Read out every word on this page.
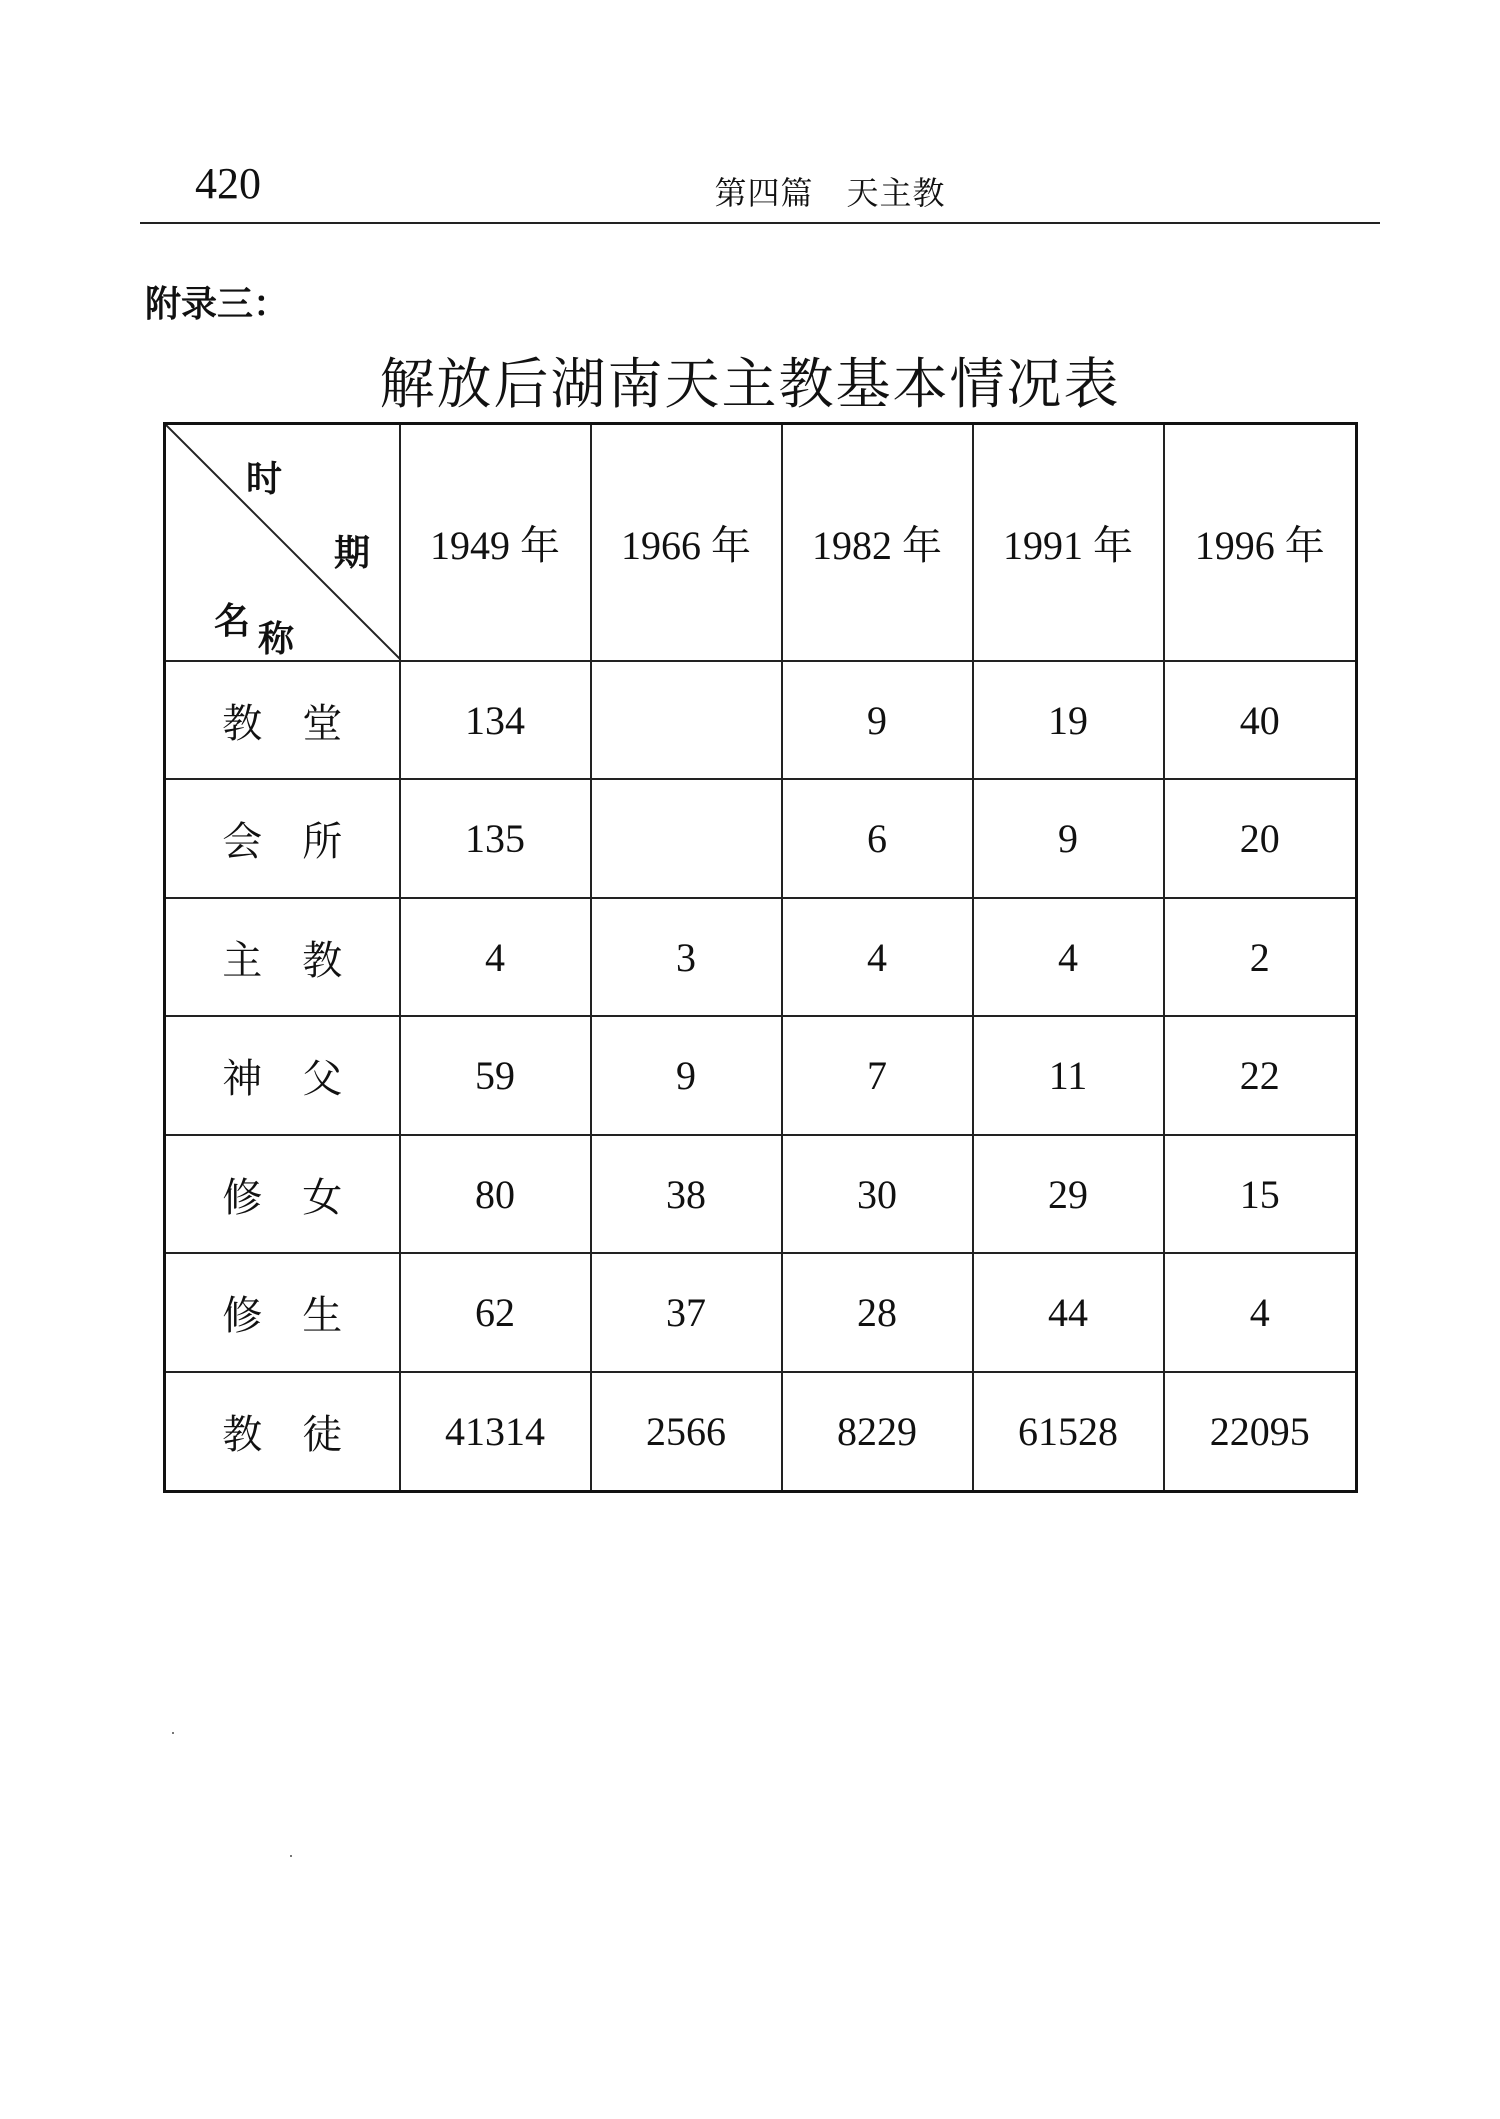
420	第四篇　天主教
附录三：
解放后湖南天主教基本情况表
时
期
名 称	1949 年	1966 年	1982 年	1991 年	1996 年
教堂	134		9	19	40
会所	135		6	9	20
主教	4	3	4	4	2
神父	59	9	7	11	22
修女	80	38	30	29	15
修生	62	37	28	44	4
教徒	41314	2566	8229	61528	22095
